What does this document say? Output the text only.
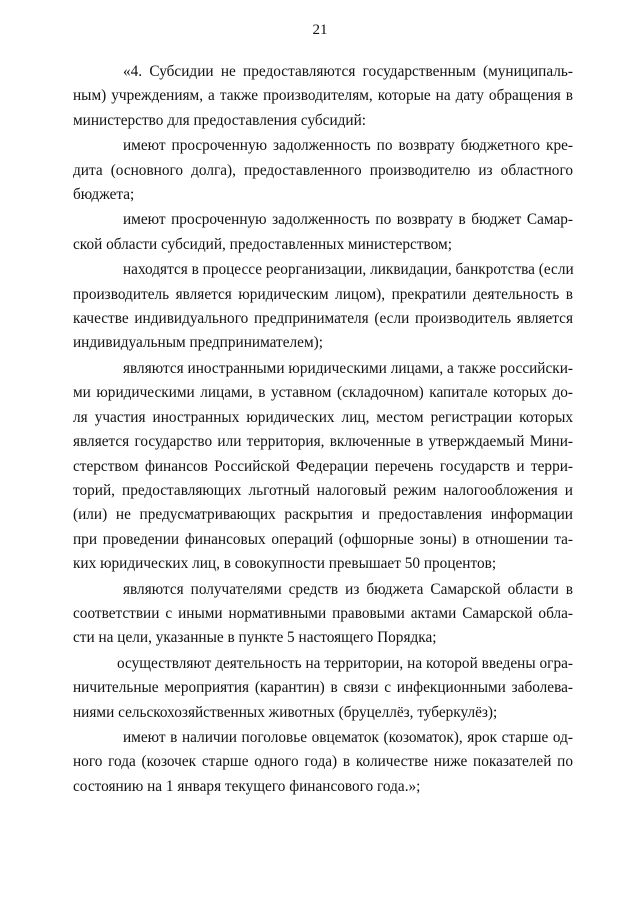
21

«4. Субсидии не предоставляются государственным (муниципаль-
ным) учреждениям, а также производителям, которые на дату обращения в
министерство для предоставления субсидий:

имеют просроченную задолженность по возврату бюджетного кре-
дита (основного долга), предоставленного производителю из областного
бюджета;

имеют просроченную задолженность по возврату в бюджет Самар-
ской области субсидий, предоставленных министерством;

находятся в процессе реорганизации, ликвидации, банкротства (если
производитель является юридическим лицом), прекратили деятельность в
качестве индивидуального предпринимателя (если производитель является
индивидуальным предпринимателем);

являются иностранными юридическими лицами, а также российски-
ми юридическими лицами, в уставном (складочном) капитале которых до-
ля участия иностранных юридических лиц, местом регистрации которых
является государство или территория, включенные в утверждаемый Мини-
стерством финансов Российской Федерации перечень государств и терри-
торий, предоставляющих льготный налоговый режим налогообложения и
(или) не предусматривающих раскрытия и предоставления информации
при проведении финансовых операций (офшорные зоны) в отношении та-
ких юридических лиц, в совокупности превышает 50 процентов;

являются получателями средств из бюджета Самарской области в
соответствии с иными нормативными правовыми актами Самарской обла-
сти на цели, указанные в пункте 5 настоящего Порядка;

осуществляют деятельность на территории, на которой введены огра-
ничительные мероприятия (карантин) в связи с инфекционными заболева-
ниями сельскохозяйственных животных (бруцеллёз, туберкулёз);

имеют в наличии поголовье овцематок (козоматок), ярок старше од-
ного года (козочек старше одного года) в количестве ниже показателей по
состоянию на 1 января текущего финансового года.»;
